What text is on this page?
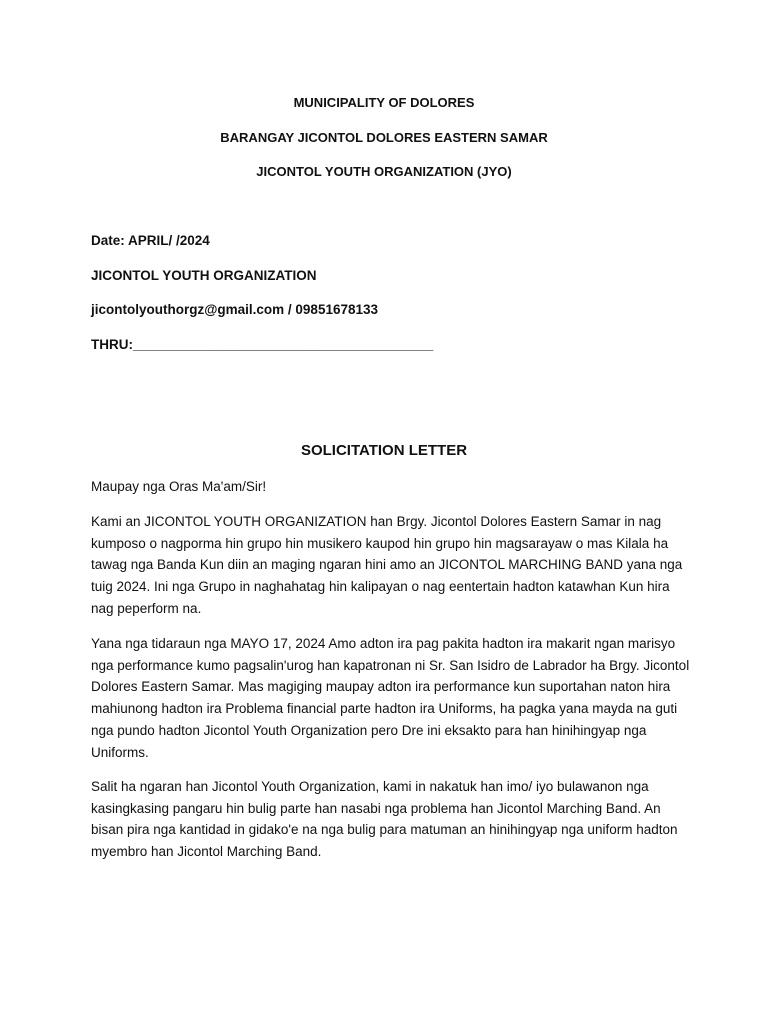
MUNICIPALITY OF DOLORES
BARANGAY JICONTOL DOLORES EASTERN SAMAR
JICONTOL YOUTH ORGANIZATION (JYO)
Date: APRIL/ /2024
JICONTOL YOUTH ORGANIZATION
jicontolyouthorgz@gmail.com / 09851678133
THRU:________________________________________
SOLICITATION LETTER
Maupay nga Oras Ma'am/Sir!

Kami an JICONTOL YOUTH ORGANIZATION han Brgy. Jicontol Dolores Eastern Samar in nag kumposo o nagporma hin grupo hin musikero kaupod hin grupo hin magsarayaw o mas Kilala ha tawag nga Banda Kun diin an maging ngaran hini amo an JICONTOL MARCHING BAND yana nga tuig 2024. Ini nga Grupo in naghahatag hin kalipayan o nag eentertain hadton katawhan Kun hira nag peperform na.

Yana nga tidaraun nga MAYO 17, 2024 Amo adton ira pag pakita hadton ira makarit ngan marisyo nga performance kumo pagsalin'urog han kapatronan ni Sr. San Isidro de Labrador ha Brgy. Jicontol Dolores Eastern Samar. Mas magiging maupay adton ira performance kun suportahan naton hira mahiunong hadton ira Problema financial parte hadton ira Uniforms, ha pagka yana mayda na guti nga pundo hadton Jicontol Youth Organization pero Dre ini eksakto para han hinihingyap nga Uniforms.

Salit ha ngaran han Jicontol Youth Organization, kami in nakatuk han imo/ iyo bulawanon nga kasingkasing pangaru hin bulig parte han nasabi nga problema han Jicontol Marching Band. An bisan pira nga kantidad in gidako'e na nga bulig para matuman an hinihingyap nga uniform hadton myembro han Jicontol Marching Band.
